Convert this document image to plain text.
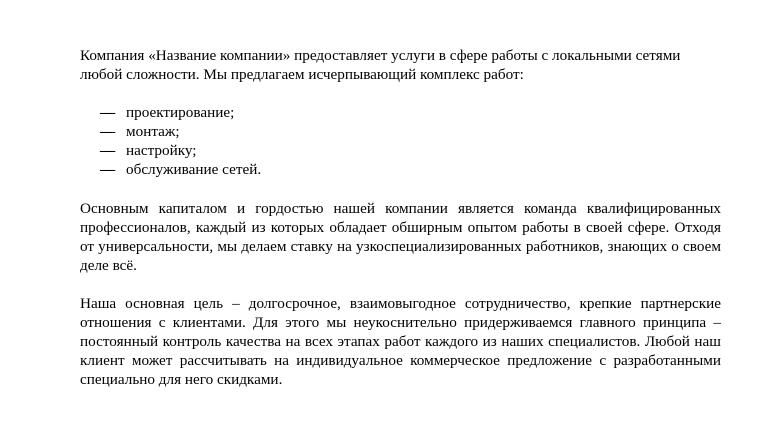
Компания «Название компании» предоставляет услуги в сфере работы с локальными сетями любой сложности. Мы предлагаем исчерпывающий комплекс работ:

— проектирование;
— монтаж;
— настройку;
— обслуживание сетей.

Основным капиталом и гордостью нашей компании является команда квалифицированных профессионалов, каждый из которых обладает обширным опытом работы в своей сфере. Отходя от универсальности, мы делаем ставку на узкоспециализированных работников, знающих о своем деле всё.

Наша основная цель – долгосрочное, взаимовыгодное сотрудничество, крепкие партнерские отношения с клиентами. Для этого мы неукоснительно придерживаемся главного принципа – постоянный контроль качества на всех этапах работ каждого из наших специалистов. Любой наш клиент может рассчитывать на индивидуальное коммерческое предложение с разработанными специально для него скидками.
